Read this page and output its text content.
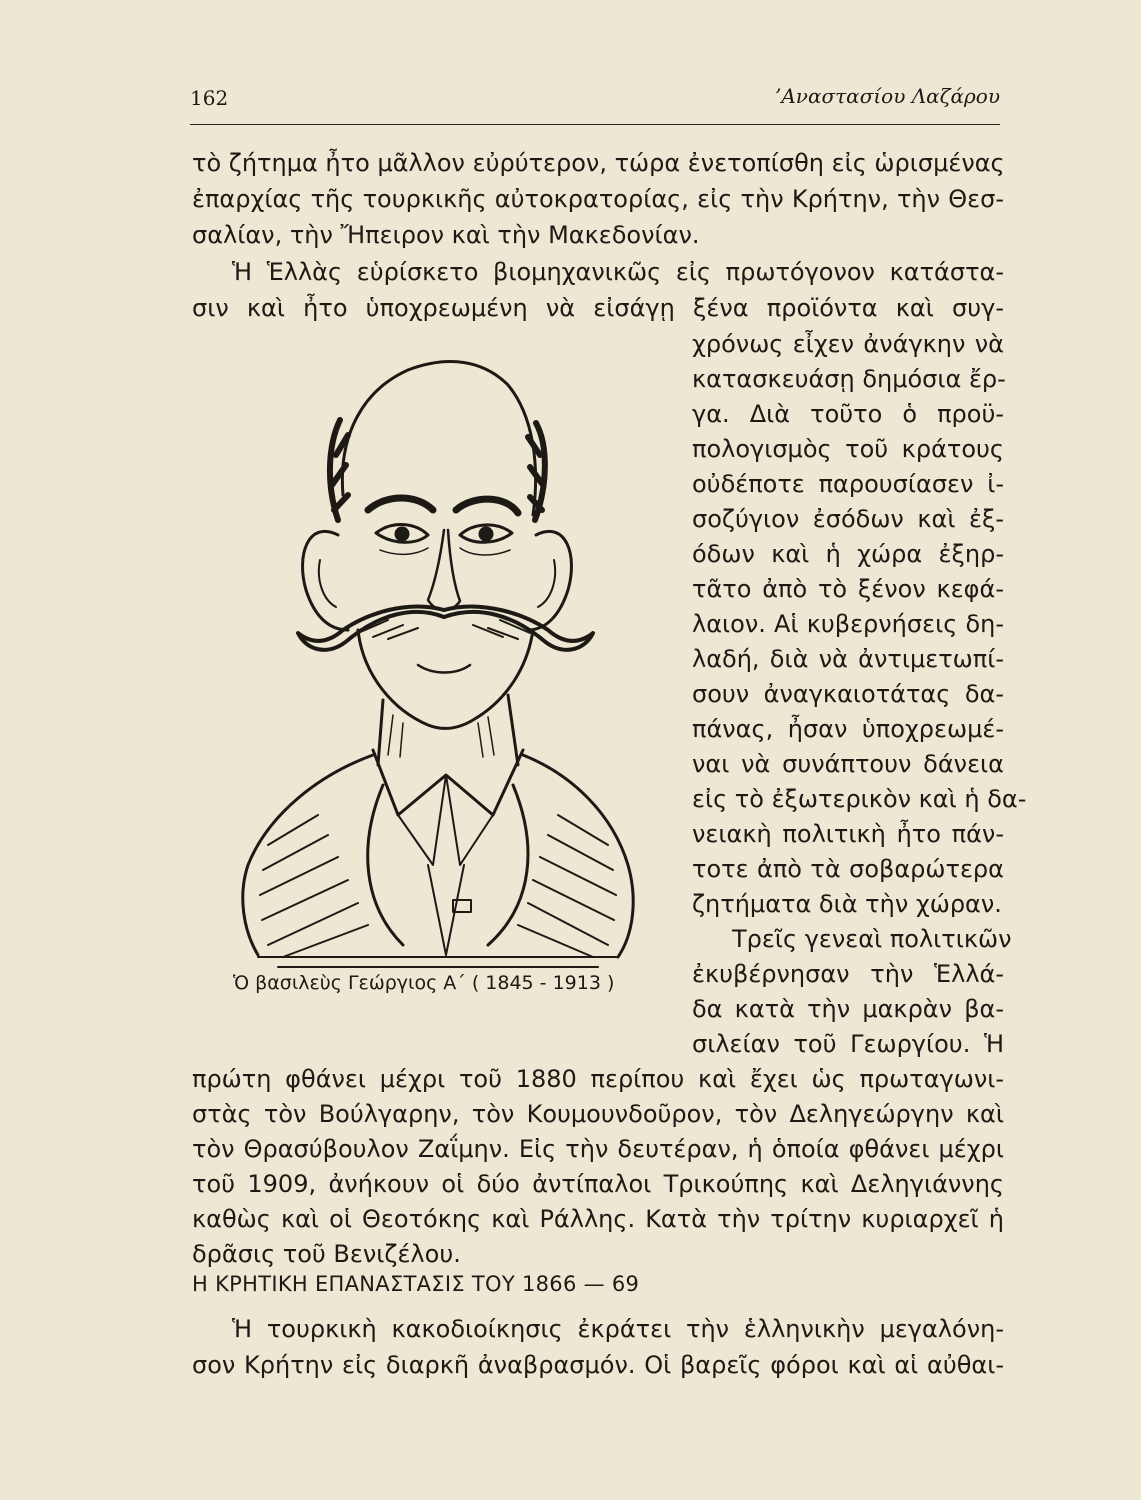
162	’Αναστασίου Λαζάρου
τὸ ζήτημα ἦτο μᾶλλον εὐρύτερον, τώρα ἐνετοπίσθη εἰς ὡρισμένας
ἐπαρχίας τῆς τουρκικῆς αὐτοκρατορίας, εἰς τὴν Κρήτην, τὴν Θεσ-
σαλίαν, τὴν Ἤπειρον καὶ τὴν Μακεδονίαν.
Ἡ Ἑλλὰς εὑρίσκετο βιομηχανικῶς εἰς πρωτόγονον κατάστα-
σιν καὶ ἦτο ὑποχρεωμένη νὰ εἰσάγῃ ξένα προϊόντα καὶ συγ-
χρόνως εἶχεν ἀνάγκην νὰ
κατασκευάσῃ δημόσια ἔρ-
γα. Διὰ τοῦτο ὁ προϋ-
πολογισμὸς τοῦ κράτους
οὐδέποτε παρουσίασεν ἰ-
σοζύγιον ἐσόδων καὶ ἐξ-
όδων καὶ ἡ χώρα ἐξηρ-
τᾶτο ἀπὸ τὸ ξένον κεφά-
λαιον. Αἱ κυβερνήσεις δη-
λαδή, διὰ νὰ ἀντιμετωπί-
σουν ἀναγκαιοτάτας δα-
πάνας, ἦσαν ὑποχρεωμέ-
ναι νὰ συνάπτουν δάνεια
εἰς τὸ ἐξωτερικὸν καὶ ἡ δα-
νειακὴ πολιτικὴ ἦτο πάν-
τοτε ἀπὸ τὰ σοβαρώτερα
ζητήματα διὰ τὴν χώραν.
Τρεῖς γενεαὶ πολιτικῶν
ἐκυβέρνησαν τὴν Ἑλλά-
δα κατὰ τὴν μακρὰν βα-
σιλείαν τοῦ Γεωργίου. Ἡ
πρώτη φθάνει μέχρι τοῦ 1880 περίπου καὶ ἔχει ὡς πρωταγωνι-
στὰς τὸν Βούλγαρην, τὸν Κουμουνδοῦρον, τὸν Δεληγεώργην καὶ
τὸν Θρασύβουλον Ζαΐμην. Εἰς τὴν δευτέραν, ἡ ὁποία φθάνει μέχρι
τοῦ 1909, ἀνήκουν οἱ δύο ἀντίπαλοι Τρικούπης καὶ Δεληγιάννης
καθὼς καὶ οἱ Θεοτόκης καὶ Ράλλης. Κατὰ τὴν τρίτην κυριαρχεῖ ἡ
δρᾶσις τοῦ Βενιζέλου.
Ὁ βασιλεὺς Γεώργιος Α΄ ( 1845 - 1913 )
Η ΚΡΗΤΙΚΗ ΕΠΑΝΑΣΤΑΣΙΣ ΤΟΥ 1866 — 69
Ἡ τουρκικὴ κακοδιοίκησις ἐκράτει τὴν ἑλληνικὴν μεγαλόνη-
σον Κρήτην εἰς διαρκῆ ἀναβρασμόν. Οἱ βαρεῖς φόροι καὶ αἱ αὐθαι-
